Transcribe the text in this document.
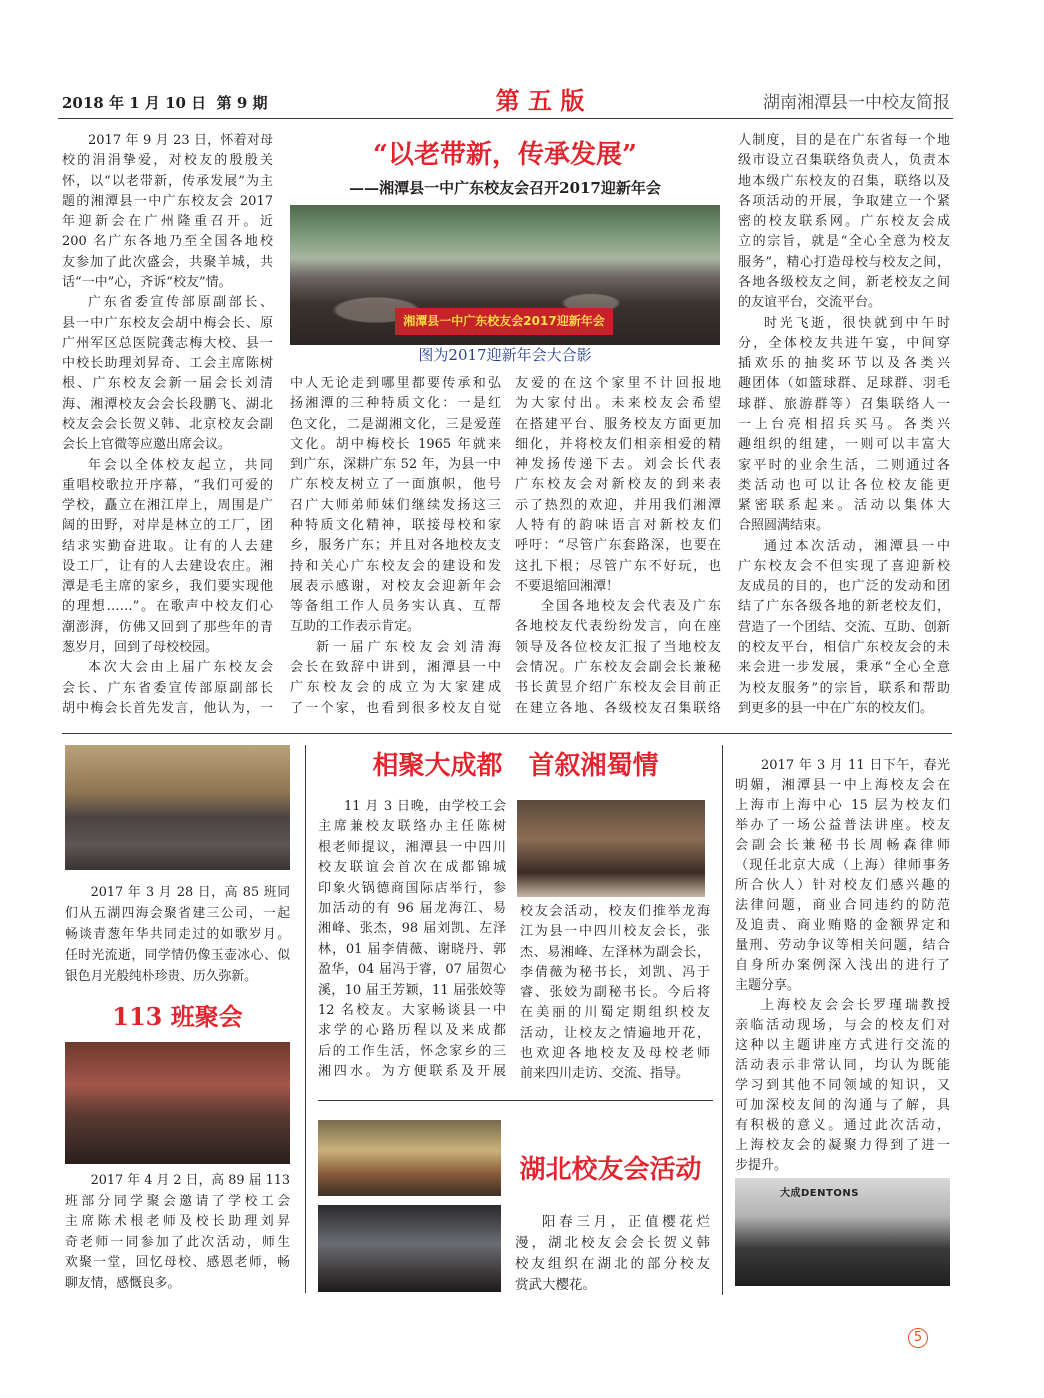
2018 年 1 月 10 日  第 9 期	第 五 版	湖南湘潭县一中校友简报
“以老带新，传承发展”
——湘潭县一中广东校友会召开2017迎新年会
湘潭县一中广东校友会2017迎新年会
图为2017迎新年会大合影
2017 年 9 月 23 日，怀着对母
校的涓涓挚爱，对校友的殷殷关
怀，以“以老带新，传承发展”为主
题的湘潭县一中广东校友会 2017
年迎新会在广州隆重召开。近
200 名广东各地乃至全国各地校
友参加了此次盛会，共聚羊城，共
话“一中”心，齐诉“校友”情。
广东省委宣传部原副部长、
县一中广东校友会胡中梅会长、原
广州军区总医院龚志梅大校、县一
中校长助理刘昇奇、工会主席陈树
根、广东校友会新一届会长刘清
海、湘潭校友会会长段鹏飞、湖北
校友会会长贺义韩、北京校友会副
会长上官微等应邀出席会议。
年会以全体校友起立，共同
重唱校歌拉开序幕，“我们可爱的
学校，矗立在湘江岸上，周围是广
阔的田野，对岸是林立的工厂，团
结求实勤奋进取。让有的人去建
设工厂，让有的人去建设农庄。湘
潭是毛主席的家乡，我们要实现他
的理想……”。在歌声中校友们心
潮澎湃，仿佛又回到了那些年的青
葱岁月，回到了母校校园。
本次大会由上届广东校友会
会长、广东省委宣传部原副部长
胡中梅会长首先发言，他认为，一
中人无论走到哪里都要传承和弘
扬湘潭的三种特质文化：一是红
色文化，二是湖湘文化，三是爱莲
文化。胡中梅校长 1965 年就来
到广东，深耕广东 52 年，为县一中
广东校友树立了一面旗帜，他号
召广大师弟师妹们继续发扬这三
种特质文化精神，联接母校和家
乡，服务广东；并且对各地校友支
持和关心广东校友会的建设和发
展表示感谢，对校友会迎新年会
等备组工作人员务实认真、互帮
互助的工作表示肯定。
新一届广东校友会刘清海
会长在致辞中讲到，湘潭县一中
广东校友会的成立为大家建成
了一个家，也看到很多校友自觉
友爱的在这个家里不计回报地
为大家付出。未来校友会希望
在搭建平台、服务校友方面更加
细化，并将校友们相亲相爱的精
神发扬传递下去。刘会长代表
广东校友会对新校友的到来表
示了热烈的欢迎，并用我们湘潭
人特有的韵味语言对新校友们
呼吁：“尽管广东套路深，也要在
这扎下根；尽管广东不好玩，也
不要退缩回湘潭！
全国各地校友会代表及广东
各地校友代表纷纷发言，向在座
领导及各位校友汇报了当地校友
会情况。广东校友会副会长兼秘
书长黄昱介绍广东校友会目前正
在建立各地、各级校友召集联络
人制度，目的是在广东省每一个地
级市设立召集联络负责人，负责本
地本级广东校友的召集，联络以及
各项活动的开展，争取建立一个紧
密的校友联系网。广东校友会成
立的宗旨，就是“全心全意为校友
服务”，精心打造母校与校友之间，
各地各级校友之间，新老校友之间
的友谊平台，交流平台。
时光飞逝，很快就到中午时
分，全体校友共进午宴，中间穿
插欢乐的抽奖环节以及各类兴
趣团体（如篮球群、足球群、羽毛
球群、旅游群等）召集联络人一
一上台亮相招兵买马。各类兴
趣组织的组建，一则可以丰富大
家平时的业余生活，二则通过各
类活动也可以让各位校友能更
紧密联系起来。活动以集体大
合照圆满结束。
通过本次活动，湘潭县一中
广东校友会不但实现了喜迎新校
友成员的目的，也广泛的发动和团
结了广东各级各地的新老校友们，
营造了一个团结、交流、互助、创新
的校友平台，相信广东校友会的未
来会进一步发展，秉承“全心全意
为校友服务”的宗旨，联系和帮助
到更多的县一中在广东的校友们。
2017 年 3 月 28 日，高 85 班同
们从五湖四海会聚省建三公司，一起
畅谈青葱年华共同走过的如歌岁月。
任时光流逝，同学情仍像玉壶冰心、似
银色月光般纯朴珍贵、历久弥新。
113 班聚会
2017 年 4 月 2 日，高 89 届 113
班部分同学聚会邀请了学校工会
主席陈术根老师及校长助理刘昇
奇老师一同参加了此次活动，师生
欢聚一堂，回忆母校、感恩老师，畅
聊友情，感慨良多。
相聚大成都　首叙湘蜀情
11 月 3 日晚，由学校工会
主席兼校友联络办主任陈树
根老师提议，湘潭县一中四川
校友联谊会首次在成都锦城
印象火锅德商国际店举行，参
加活动的有 96 届龙海江、易
湘峰、张杰，98 届刘凯、左泽
林，01 届李倩薇、谢晓丹、郭
盈华，04 届冯于睿，07 届贺心
溪，10 届王芳颖，11 届张姣等
12 名校友。大家畅谈县一中
求学的心路历程以及来成都
后的工作生活，怀念家乡的三
湘四水。为方便联系及开展
校友会活动，校友们推举龙海
江为县一中四川校友会长，张
杰、易湘峰、左泽林为副会长，
李倩薇为秘书长，刘凯、冯于
睿、张姣为副秘书长。今后将
在美丽的川蜀定期组织校友
活动，让校友之情遍地开花，
也欢迎各地校友及母校老师
前来四川走访、交流、指导。
湖北校友会活动
阳春三月，正值樱花烂
漫，湖北校友会会长贺义韩
校友组织在湖北的部分校友
赏武大樱花。
2017 年 3 月 11 日下午，春光
明媚，湘潭县一中上海校友会在
上海市上海中心 15 层为校友们
举办了一场公益普法讲座。校友
会副会长兼秘书长周畅森律师
（现任北京大成（上海）律师事务
所合伙人）针对校友们感兴趣的
法律问题，商业合同违约的防范
及追责、商业贿赂的金额界定和
量刑、劳动争议等相关问题，结合
自身所办案例深入浅出的进行了
主题分享。
上海校友会会长罗瑾瑞教授
亲临活动现场，与会的校友们对
这种以主题讲座方式进行交流的
活动表示非常认同，均认为既能
学习到其他不同领域的知识，又
可加深校友间的沟通与了解，具
有积极的意义。通过此次活动，
上海校友会的凝聚力得到了进一
步提升。
大成DENTONS
5
